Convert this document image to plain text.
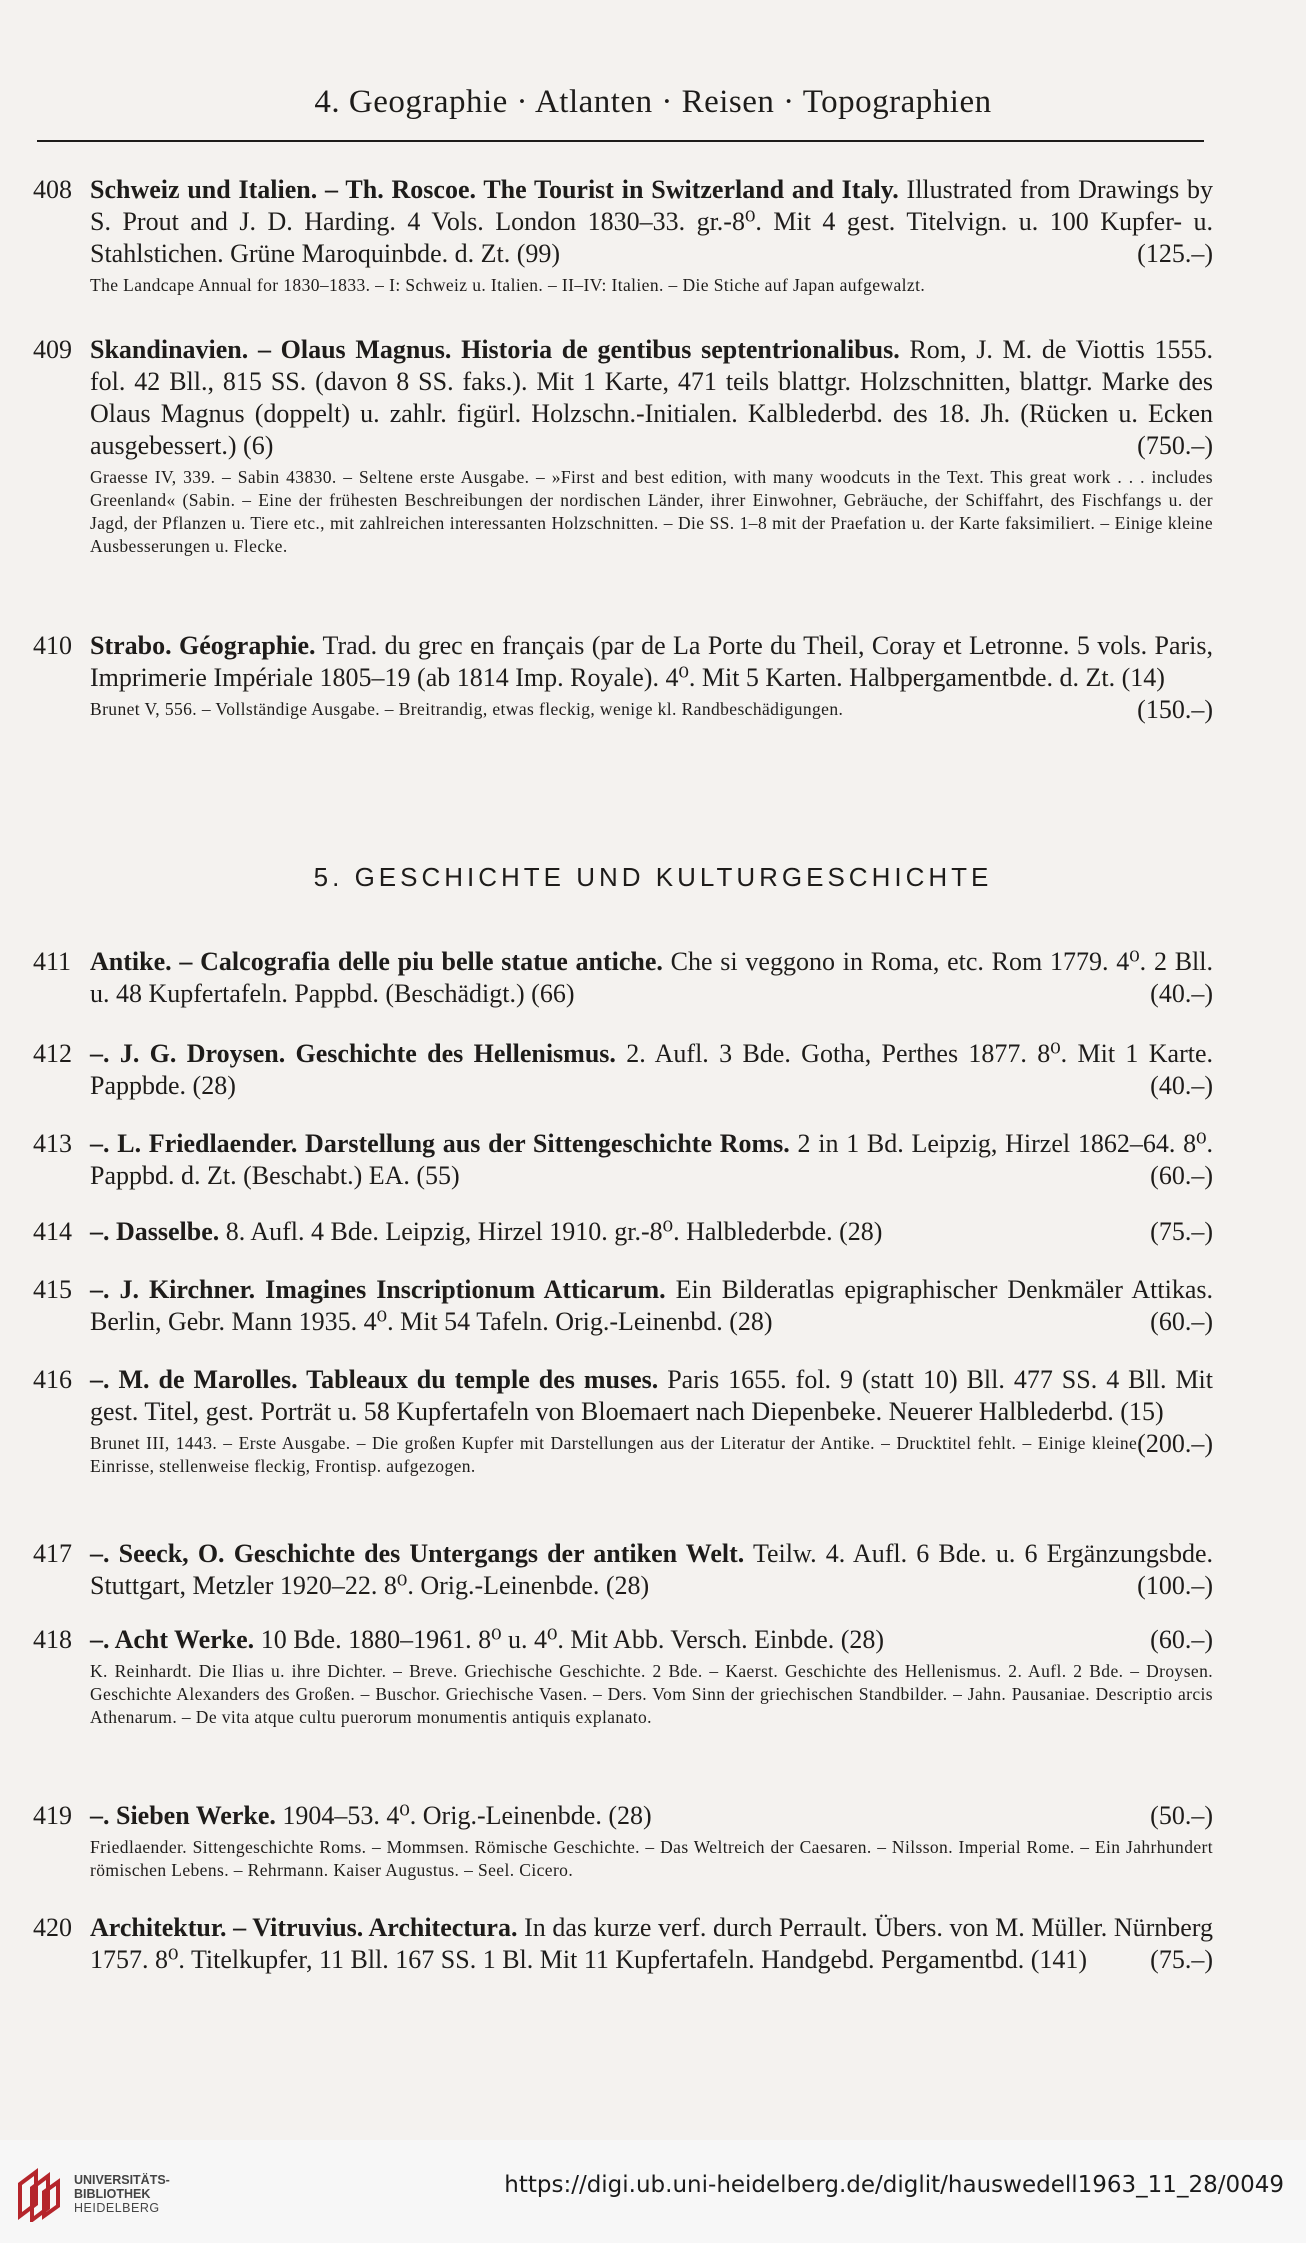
4. Geographie · Atlanten · Reisen · Topographien
408 Schweiz und Italien. – Th. Roscoe. The Tourist in Switzerland and Italy. Illustrated from Drawings by S. Prout and J. D. Harding. 4 Vols. London 1830–33. gr.-8⁰. Mit 4 gest. Titelvign. u. 100 Kupfer- u. Stahlstichen. Grüne Maroquinbde. d. Zt. (99)	(125.–)
The Landcape Annual for 1830–1833. – I: Schweiz u. Italien. – II–IV: Italien. – Die Stiche auf Japan aufgewalzt.
409 Skandinavien. – Olaus Magnus. Historia de gentibus septentrionalibus. Rom, J. M. de Viottis 1555. fol. 42 Bll., 815 SS. (davon 8 SS. faks.). Mit 1 Karte, 471 teils blattgr. Holzschnitten, blattgr. Marke des Olaus Magnus (doppelt) u. zahlr. figürl. Holzschn.-Initialen. Kalblederbd. des 18. Jh. (Rücken u. Ecken ausgebessert.) (6)	(750.–)
Graesse IV, 339. – Sabin 43830. – Seltene erste Ausgabe. – »First and best edition, with many woodcuts in the Text. This great work . . . includes Greenland« (Sabin. – Eine der frühesten Beschreibungen der nordischen Länder, ihrer Einwohner, Gebräuche, der Schiffahrt, des Fischfangs u. der Jagd, der Pflanzen u. Tiere etc., mit zahlreichen interessanten Holzschnitten. – Die SS. 1–8 mit der Praefation u. der Karte faksimiliert. – Einige kleine Ausbesserungen u. Flecke.
410 Strabo. Géographie. Trad. du grec en français (par de La Porte du Theil, Coray et Letronne. 5 vols. Paris, Imprimerie Impériale 1805–19 (ab 1814 Imp. Royale). 4⁰. Mit 5 Karten. Halbpergamentbde. d. Zt. (14)
(150.–)
Brunet V, 556. – Vollständige Ausgabe. – Breitrandig, etwas fleckig, wenige kl. Randbeschädigungen.
5. GESCHICHTE UND KULTURGESCHICHTE
411 Antike. – Calcografia delle piu belle statue antiche. Che si veggono in Roma, etc. Rom 1779. 4⁰. 2 Bll. u. 48 Kupfertafeln. Pappbd. (Beschädigt.) (66)	(40.–)
412 –. J. G. Droysen. Geschichte des Hellenismus. 2. Aufl. 3 Bde. Gotha, Perthes 1877. 8⁰. Mit 1 Karte. Pappbde. (28)	(40.–)
413 –. L. Friedlaender. Darstellung aus der Sittengeschichte Roms. 2 in 1 Bd. Leipzig, Hirzel 1862–64. 8⁰. Pappbd. d. Zt. (Beschabt.) EA. (55)	(60.–)
414 –. Dasselbe. 8. Aufl. 4 Bde. Leipzig, Hirzel 1910. gr.-8⁰. Halblederbde. (28)	(75.–)
415 –. J. Kirchner. Imagines Inscriptionum Atticarum. Ein Bilderatlas epigraphischer Denkmäler Attikas. Berlin, Gebr. Mann 1935. 4⁰. Mit 54 Tafeln. Orig.-Leinenbd. (28)	(60.–)
416 –. M. de Marolles. Tableaux du temple des muses. Paris 1655. fol. 9 (statt 10) Bll. 477 SS. 4 Bll. Mit gest. Titel, gest. Porträt u. 58 Kupfertafeln von Bloemaert nach Diepenbeke. Neuerer Halblederbd. (15)
(200.–)
Brunet III, 1443. – Erste Ausgabe. – Die großen Kupfer mit Darstellungen aus der Literatur der Antike. – Drucktitel fehlt. – Einige kleine Einrisse, stellenweise fleckig, Frontisp. aufgezogen.
417 –. Seeck, O. Geschichte des Untergangs der antiken Welt. Teilw. 4. Aufl. 6 Bde. u. 6 Ergänzungsbde. Stuttgart, Metzler 1920–22. 8⁰. Orig.-Leinenbde. (28)	(100.–)
418 –. Acht Werke. 10 Bde. 1880–1961. 8⁰ u. 4⁰. Mit Abb. Versch. Einbde. (28)	(60.–)
K. Reinhardt. Die Ilias u. ihre Dichter. – Breve. Griechische Geschichte. 2 Bde. – Kaerst. Geschichte des Hellenismus. 2. Aufl. 2 Bde. – Droysen. Geschichte Alexanders des Großen. – Buschor. Griechische Vasen. – Ders. Vom Sinn der griechischen Standbilder. – Jahn. Pausaniae. Descriptio arcis Athenarum. – De vita atque cultu puerorum monumentis antiquis explanato.
419 –. Sieben Werke. 1904–53. 4⁰. Orig.-Leinenbde. (28)	(50.–)
Friedlaender. Sittengeschichte Roms. – Mommsen. Römische Geschichte. – Das Weltreich der Caesaren. – Nilsson. Imperial Rome. – Ein Jahrhundert römischen Lebens. – Rehrmann. Kaiser Augustus. – Seel. Cicero.
420 Architektur. – Vitruvius. Architectura. In das kurze verf. durch Perrault. Übers. von M. Müller. Nürnberg 1757. 8⁰. Titelkupfer, 11 Bll. 167 SS. 1 Bl. Mit 11 Kupfertafeln. Handgebd. Pergamentbd. (141) (75.–)
UNIVERSITÄTS-
BIBLIOTHEK
HEIDELBERG
https://digi.ub.uni-heidelberg.de/diglit/hauswedell1963_11_28/0049
